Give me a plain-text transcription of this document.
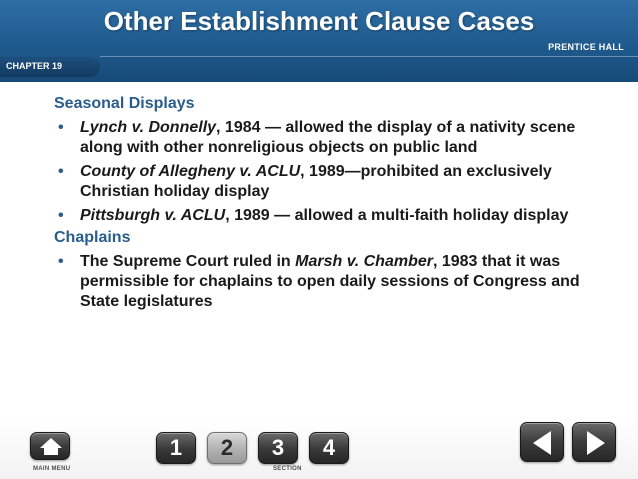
Other Establishment Clause Cases
PRENTICE HALL
CHAPTER 19
Seasonal Displays
• Lynch v. Donnelly, 1984 — allowed the display of a nativity scene along with other nonreligious objects on public land
• County of Allegheny v. ACLU, 1989—prohibited an exclusively Christian holiday display
• Pittsburgh v. ACLU, 1989 — allowed a multi-faith holiday display
Chaplains
• The Supreme Court ruled in Marsh v. Chamber, 1983 that it was permissible for chaplains to open daily sessions of Congress and State legislatures
MAIN MENU
1	2	3	4
SECTION
